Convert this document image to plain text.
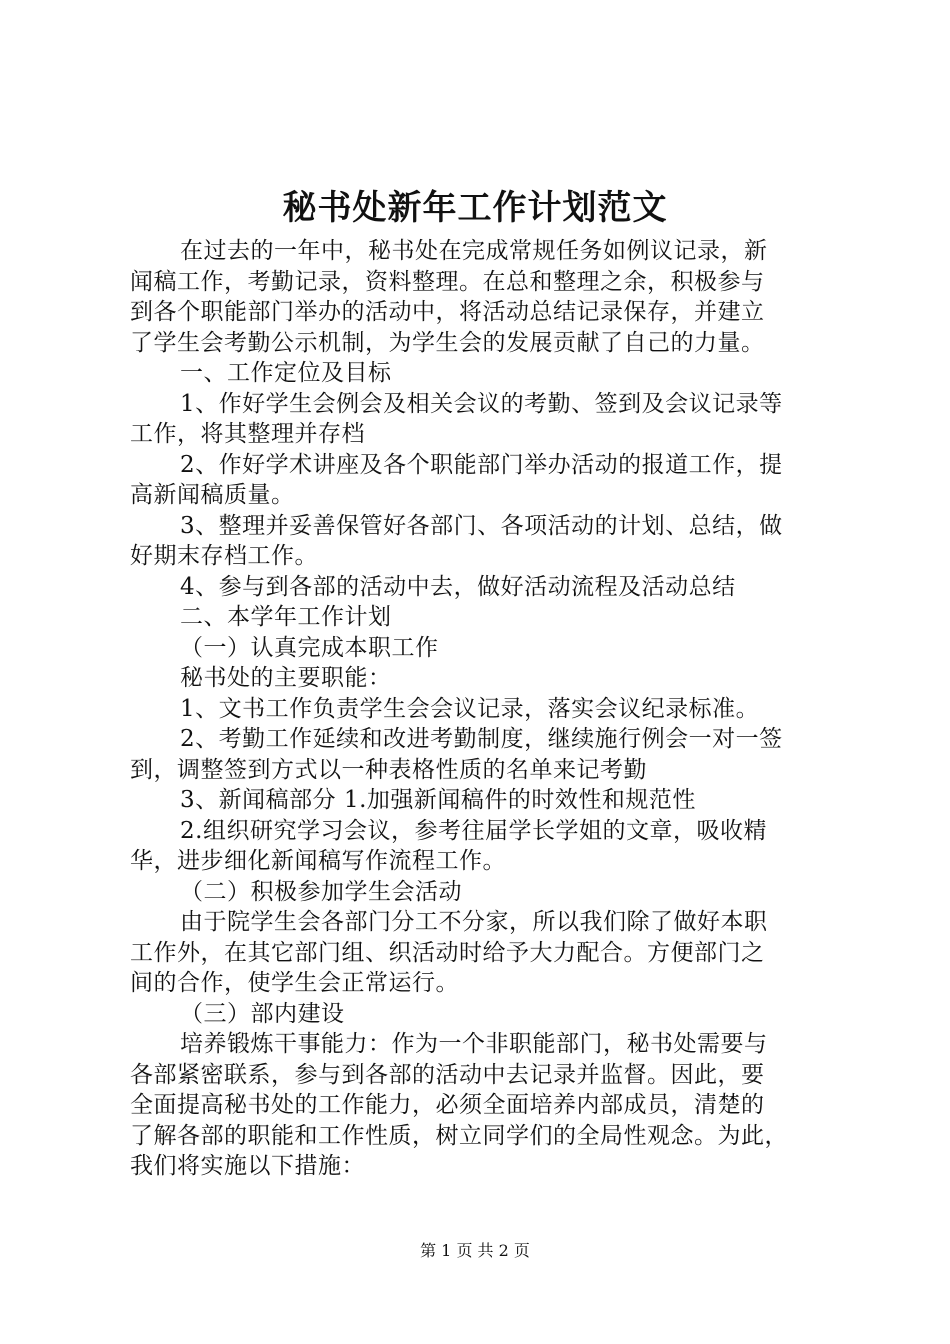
秘书处新年工作计划范文
在过去的一年中，秘书处在完成常规任务如例议记录，新
闻稿工作，考勤记录，资料整理。在总和整理之余，积极参与
到各个职能部门举办的活动中，将活动总结记录保存，并建立
了学生会考勤公示机制，为学生会的发展贡献了自己的力量。
一、工作定位及目标
1、作好学生会例会及相关会议的考勤、签到及会议记录等
工作，将其整理并存档
2、作好学术讲座及各个职能部门举办活动的报道工作，提
高新闻稿质量。
3、整理并妥善保管好各部门、各项活动的计划、总结，做
好期末存档工作。
4、参与到各部的活动中去，做好活动流程及活动总结
二、本学年工作计划
（一）认真完成本职工作
秘书处的主要职能：
1、文书工作负责学生会会议记录，落实会议纪录标准。
2、考勤工作延续和改进考勤制度，继续施行例会一对一签
到，调整签到方式以一种表格性质的名单来记考勤
3、新闻稿部分 1.加强新闻稿件的时效性和规范性
2.组织研究学习会议，参考往届学长学姐的文章，吸收精
华，进步细化新闻稿写作流程工作。
（二）积极参加学生会活动
由于院学生会各部门分工不分家，所以我们除了做好本职
工作外，在其它部门组、织活动时给予大力配合。方便部门之
间的合作，使学生会正常运行。
（三）部内建设
培养锻炼干事能力：作为一个非职能部门，秘书处需要与
各部紧密联系，参与到各部的活动中去记录并监督。因此，要
全面提高秘书处的工作能力，必须全面培养内部成员，清楚的
了解各部的职能和工作性质，树立同学们的全局性观念。为此，
我们将实施以下措施：
第 1 页 共 2 页
